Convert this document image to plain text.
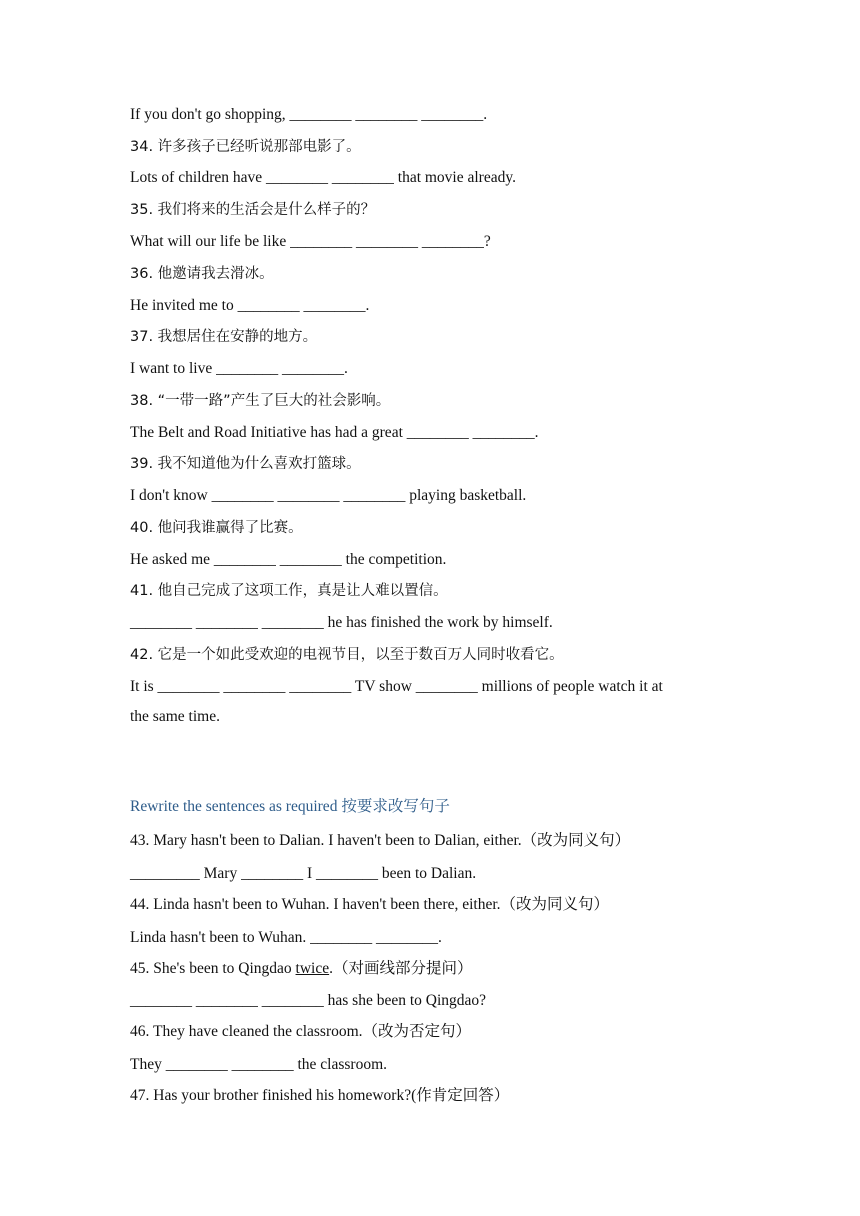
If you don't go shopping, ________ ________ ________.
34. 许多孩子已经听说那部电影了。
Lots of children have ________ ________ that movie already.
35. 我们将来的生活会是什么样子的？
What will our life be like ________ ________ ________?
36. 他邀请我去滑冰。
He invited me to ________ ________.
37. 我想居住在安静的地方。
I want to live ________ ________.
38. “一带一路”产生了巨大的社会影响。
The Belt and Road Initiative has had a great ________ ________.
39. 我不知道他为什么喜欢打篮球。
I don't know ________ ________ ________ playing basketball.
40. 他问我谁赢得了比赛。
He asked me ________ ________ the competition.
41. 他自己完成了这项工作，真是让人难以置信。
________ ________ ________ he has finished the work by himself.
42. 它是一个如此受欢迎的电视节目，以至于数百万人同时收看它。
It is ________ ________ ________ TV show ________ millions of people watch it at
the same time.
Rewrite the sentences as required 按要求改写句子
43. Mary hasn't been to Dalian. I haven't been to Dalian, either.（改为同义句）
_________ Mary ________ I ________ been to Dalian.
44. Linda hasn't been to Wuhan. I haven't been there, either.（改为同义句）
Linda hasn't been to Wuhan. ________ ________.
45. She's been to Qingdao twice.（对画线部分提问）
________ ________ ________ has she been to Qingdao?
46. They have cleaned the classroom.（改为否定句）
They ________ ________ the classroom.
47. Has your brother finished his homework?(作肯定回答）
